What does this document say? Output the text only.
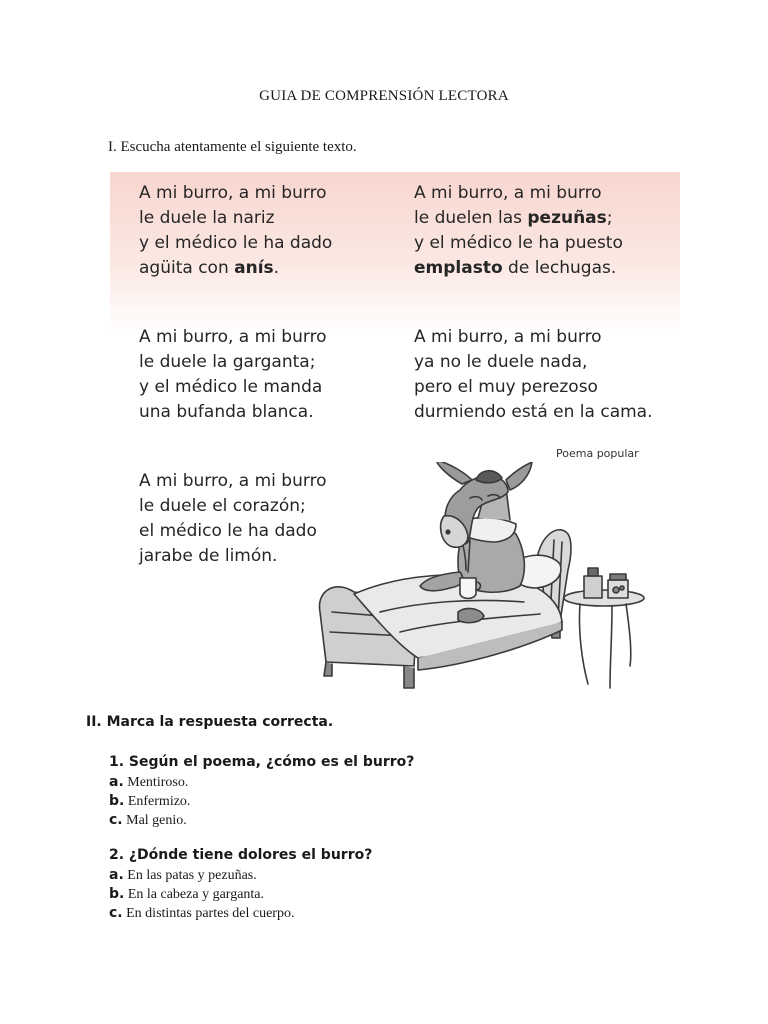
GUIA DE COMPRENSIÓN LECTORA
I. Escucha atentamente el siguiente texto.
A mi burro, a mi burro
le duele la nariz
y el médico le ha dado
agüita con anís.
A mi burro, a mi burro
le duelen las pezuñas;
y el médico le ha puesto
emplasto de lechugas.
A mi burro, a mi burro
le duele la garganta;
y el médico le manda
una bufanda blanca.
A mi burro, a mi burro
ya no le duele nada,
pero el muy perezoso
durmiendo está en la cama.
A mi burro, a mi burro
le duele el corazón;
el médico le ha dado
jarabe de limón.
Poema popular
II. Marca la respuesta correcta.
1. Según el poema, ¿cómo es el burro?
a. Mentiroso.
b. Enfermizo.
c. Mal genio.
2. ¿Dónde tiene dolores el burro?
a. En las patas y pezuñas.
b. En la cabeza y garganta.
c. En distintas partes del cuerpo.
